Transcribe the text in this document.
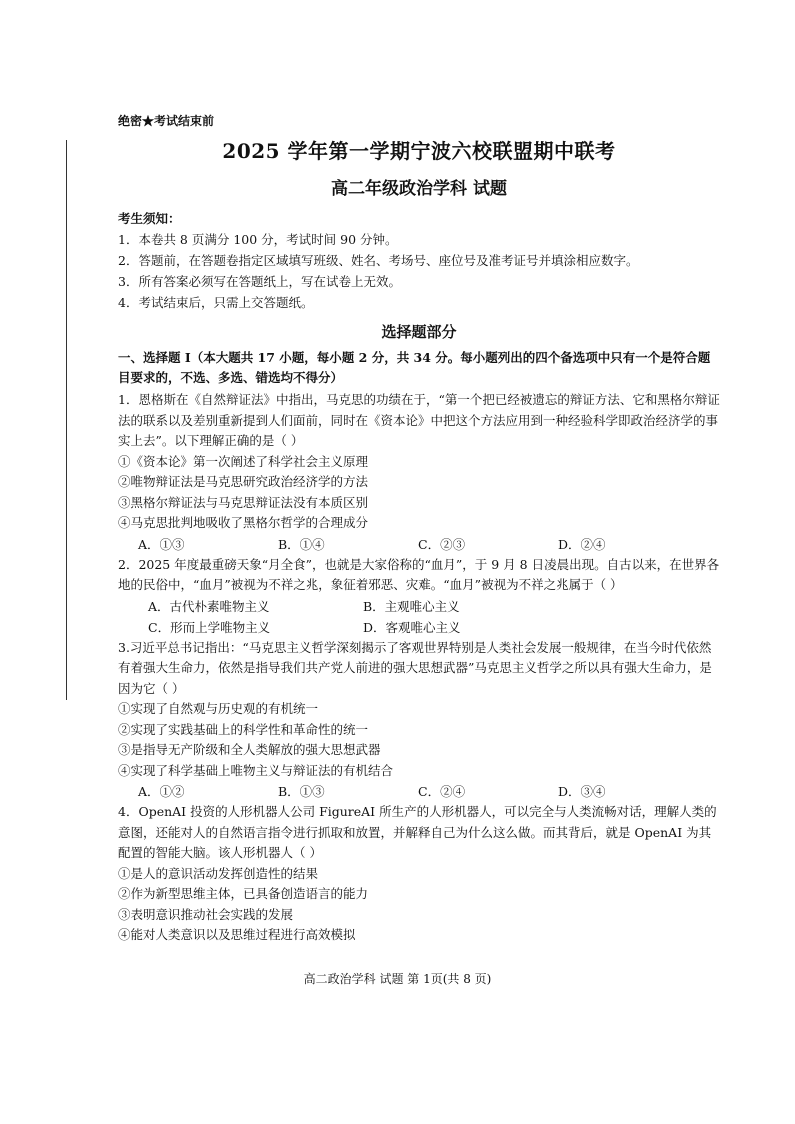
绝密★考试结束前
2025 学年第一学期宁波六校联盟期中联考
高二年级政治学科 试题
考生须知：
1．本卷共 8 页满分 100 分，考试时间 90 分钟。
2．答题前，在答题卷指定区域填写班级、姓名、考场号、座位号及准考证号并填涂相应数字。
3．所有答案必须写在答题纸上，写在试卷上无效。
4．考试结束后，只需上交答题纸。
选择题部分
一、选择题 I（本大题共 17 小题，每小题 2 分，共 34 分。每小题列出的四个备选项中只有一个是符合题目要求的，不选、多选、错选均不得分）
1．恩格斯在《自然辩证法》中指出，马克思的功绩在于，“第一个把已经被遗忘的辩证方法、它和黑格尔辩证法的联系以及差别重新提到人们面前，同时在《资本论》中把这个方法应用到一种经验科学即政治经济学的事实上去”。以下理解正确的是（ ）
①《资本论》第一次阐述了科学社会主义原理
②唯物辩证法是马克思研究政治经济学的方法
③黑格尔辩证法与马克思辩证法没有本质区别
④马克思批判地吸收了黑格尔哲学的合理成分
A．①③	B．①④	C．②③	D．②④
2．2025 年度最重磅天象“月全食”，也就是大家俗称的“血月”，于 9 月 8 日凌晨出现。自古以来，在世界各地的民俗中，“血月”被视为不祥之兆，象征着邪恶、灾难。“血月”被视为不祥之兆属于（ ）
A．古代朴素唯物主义	B．主观唯心主义
C．形而上学唯物主义	D．客观唯心主义
3.习近平总书记指出：“马克思主义哲学深刻揭示了客观世界特别是人类社会发展一般规律，在当今时代依然有着强大生命力，依然是指导我们共产党人前进的强大思想武器”马克思主义哲学之所以具有强大生命力，是因为它（ ）
①实现了自然观与历史观的有机统一
②实现了实践基础上的科学性和革命性的统一
③是指导无产阶级和全人类解放的强大思想武器
④实现了科学基础上唯物主义与辩证法的有机结合
A．①②	B．①③	C．②④	D．③④
4．OpenAI 投资的人形机器人公司 FigureAI 所生产的人形机器人，可以完全与人类流畅对话，理解人类的意图，还能对人的自然语言指令进行抓取和放置，并解释自己为什么这么做。而其背后，就是 OpenAI 为其配置的智能大脑。该人形机器人（ ）
①是人的意识活动发挥创造性的结果
②作为新型思维主体，已具备创造语言的能力
③表明意识推动社会实践的发展
④能对人类意识以及思维过程进行高效模拟
高二政治学科 试题 第 1页(共 8 页)
